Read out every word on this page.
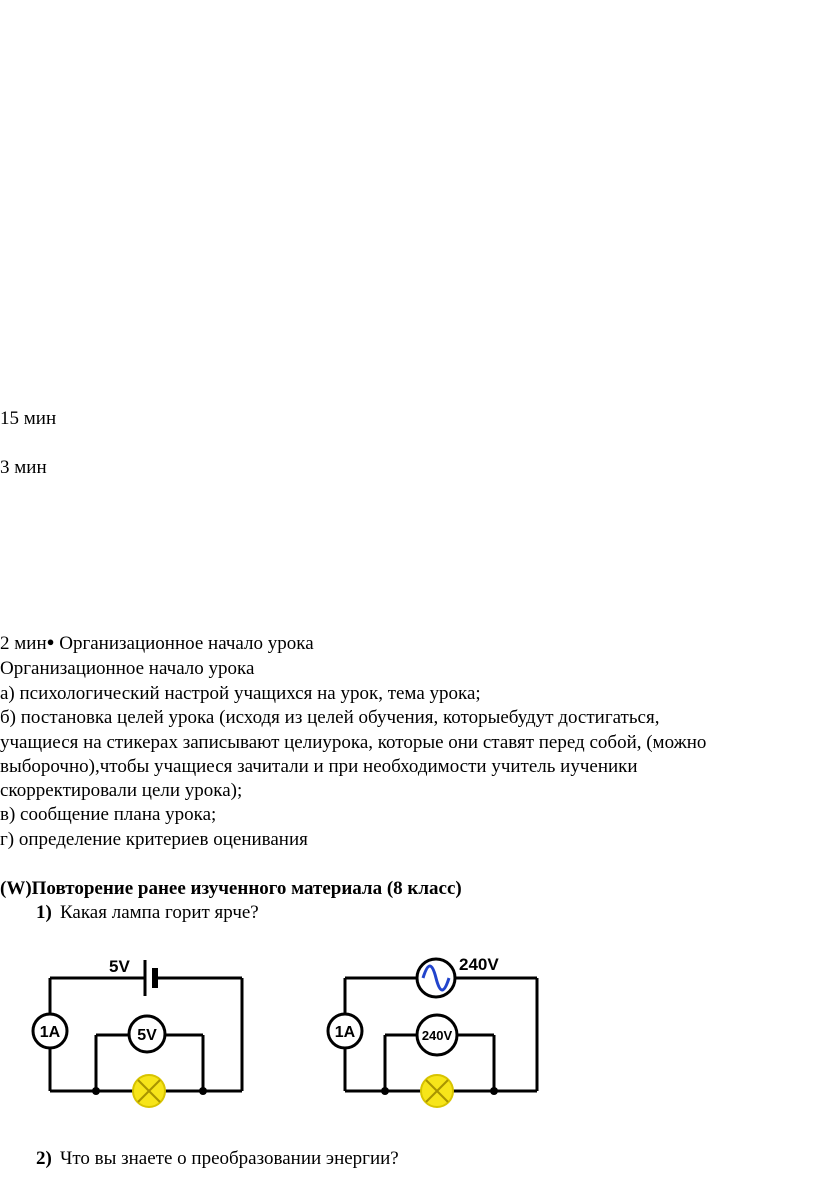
15 мин
3 мин
2 мин● Организационное начало урока
Организационное начало урока
а) психологический настрой учащихся на урок, тема урока;
б) постановка целей урока (исходя из целей обучения, которыебудут достигаться,
учащиеся на стикерах записывают целиурока, которые они ставят перед собой, (можно
выборочно),чтобы учащиеся зачитали и при необходимости учитель иученики
скорректировали цели урока);
в) сообщение плана урока;
г) определение критериев оценивания
(W)Повторение ранее изученного материала (8 класс)
1) Какая лампа горит ярче?
5V
1A	5V
240V
1A	240V
2) Что вы знаете о преобразовании энергии?
